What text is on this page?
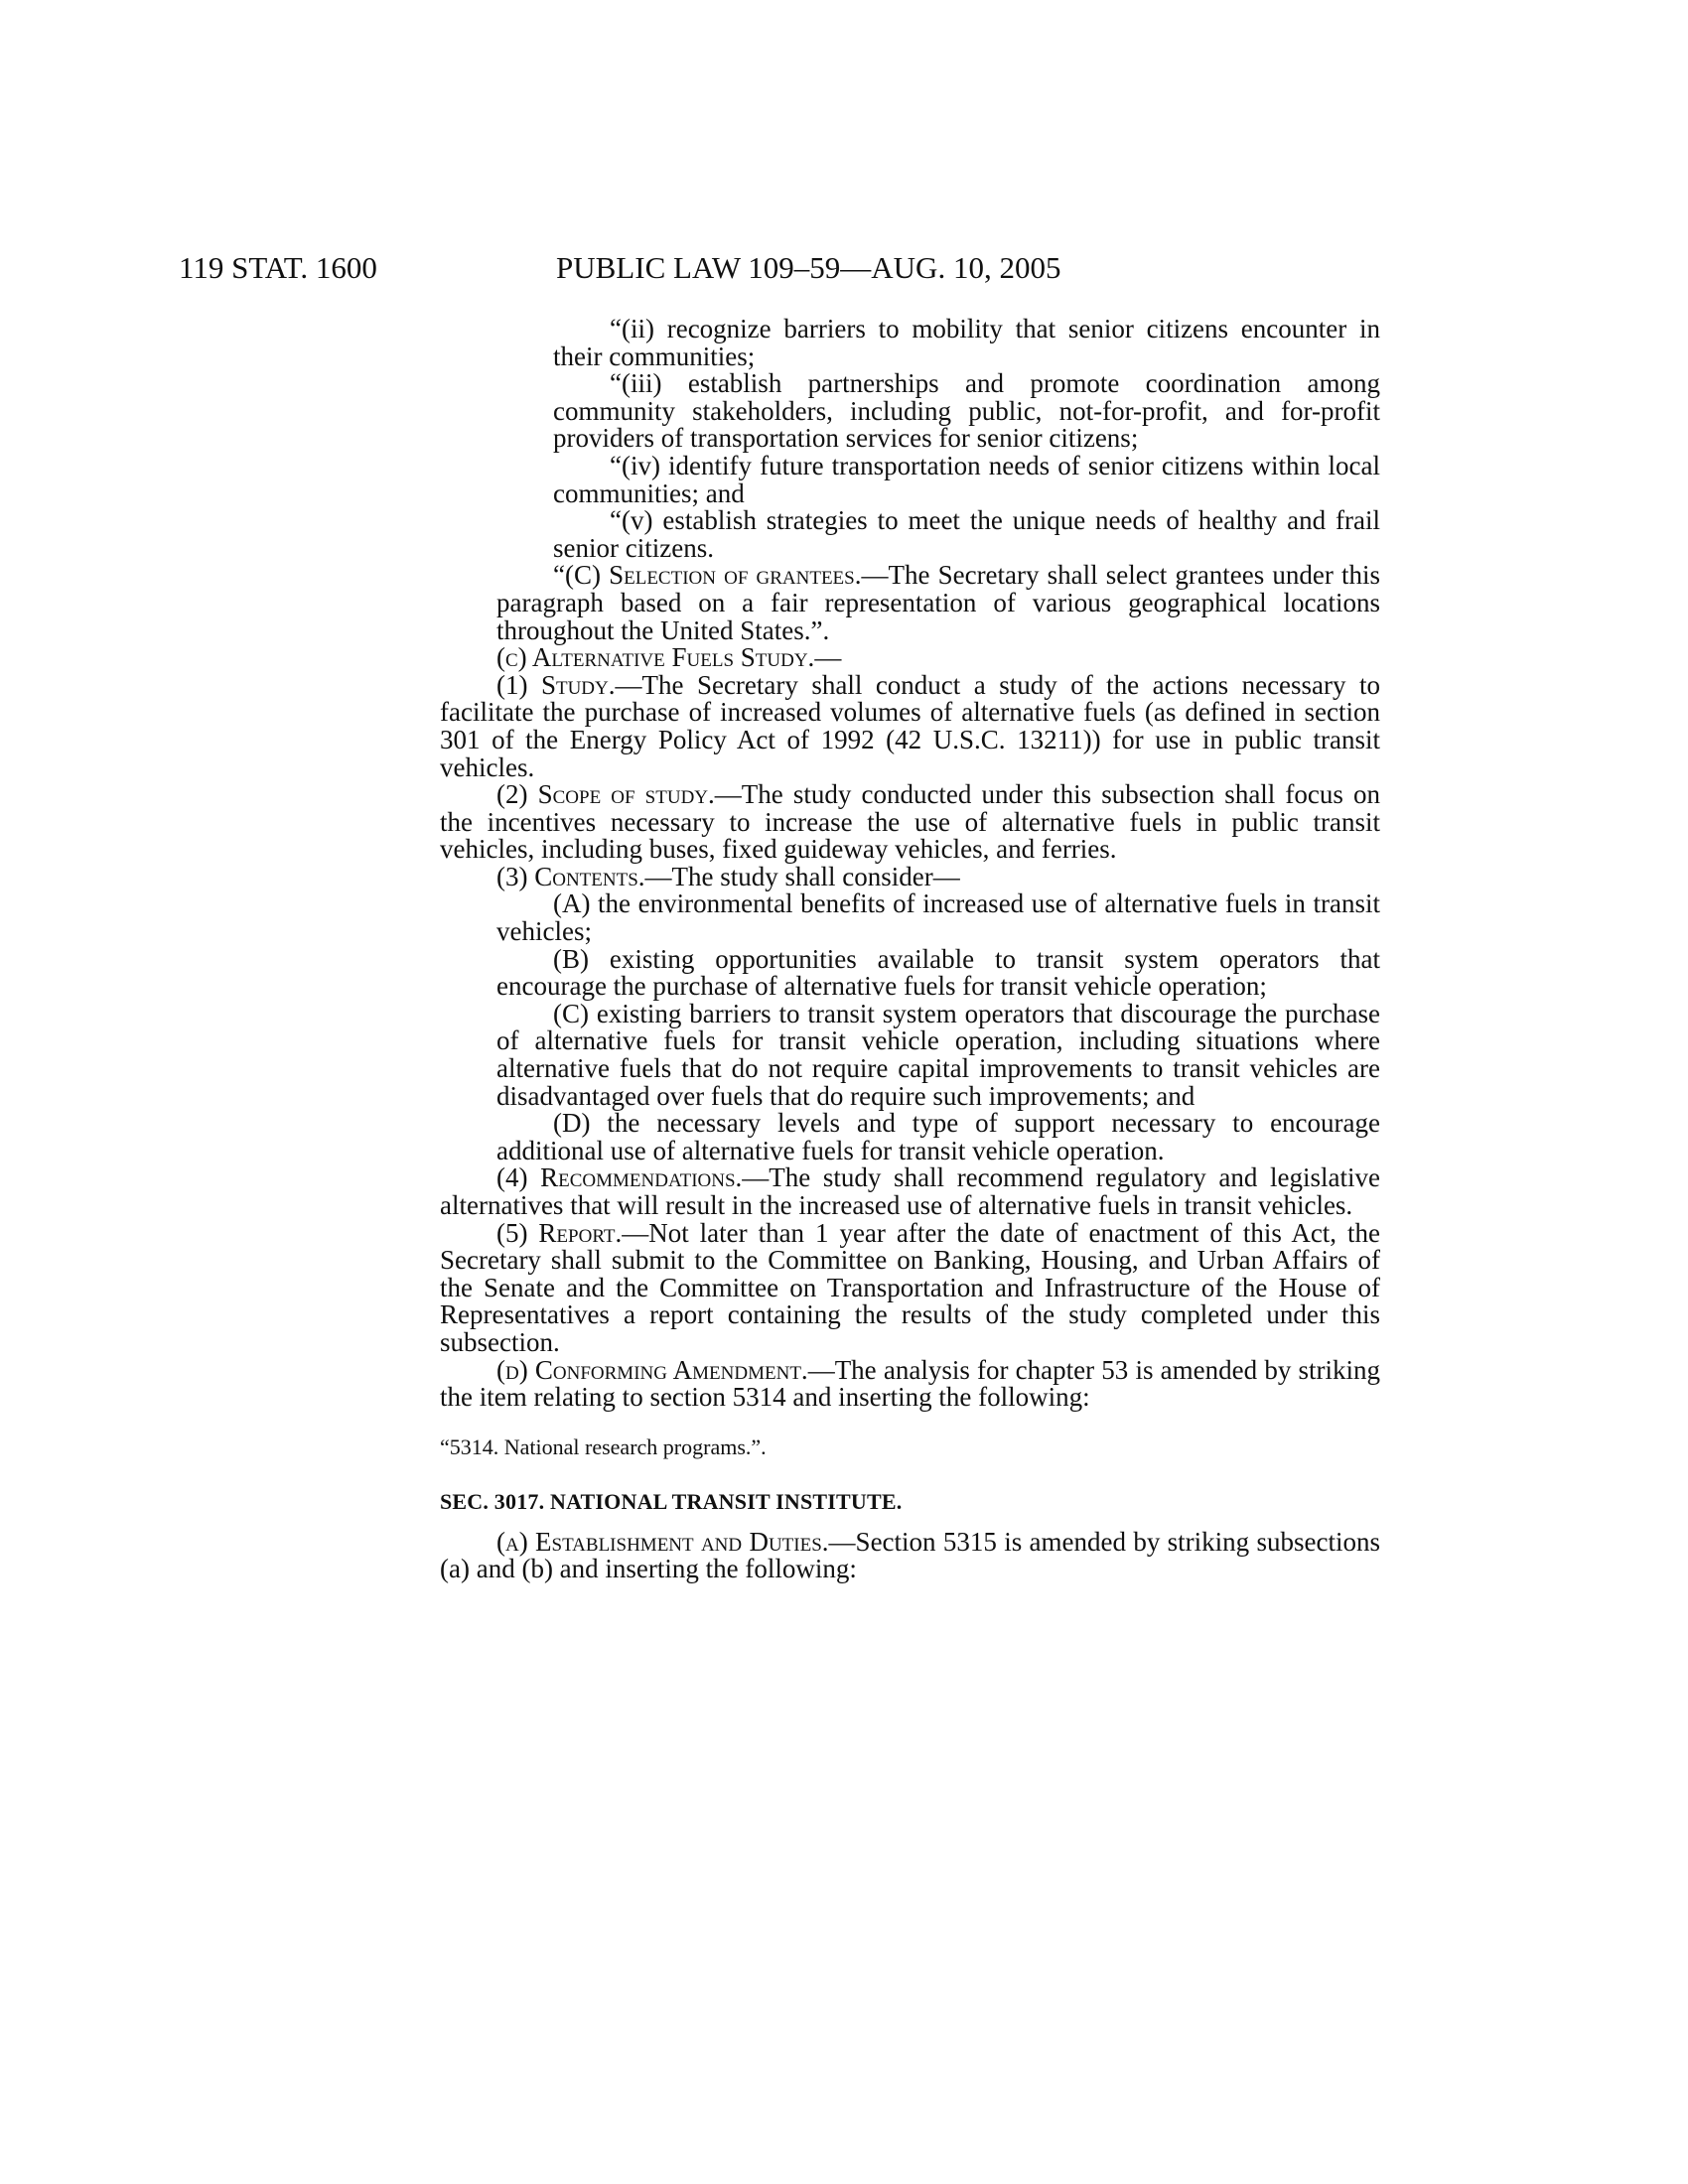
119 STAT. 1600	PUBLIC LAW 109–59—AUG. 10, 2005

“(ii) recognize barriers to mobility that senior citizens encounter in their communities;

“(iii) establish partnerships and promote coordination among community stakeholders, including public, not-for-profit, and for-profit providers of transportation services for senior citizens;

“(iv) identify future transportation needs of senior citizens within local communities; and

“(v) establish strategies to meet the unique needs of healthy and frail senior citizens.

“(C) Selection of grantees.—The Secretary shall select grantees under this paragraph based on a fair representation of various geographical locations throughout the United States.”.

(c) Alternative Fuels Study.—

(1) Study.—The Secretary shall conduct a study of the actions necessary to facilitate the purchase of increased volumes of alternative fuels (as defined in section 301 of the Energy Policy Act of 1992 (42 U.S.C. 13211)) for use in public transit vehicles.

(2) Scope of study.—The study conducted under this subsection shall focus on the incentives necessary to increase the use of alternative fuels in public transit vehicles, including buses, fixed guideway vehicles, and ferries.

(3) Contents.—The study shall consider—

(A) the environmental benefits of increased use of alternative fuels in transit vehicles;

(B) existing opportunities available to transit system operators that encourage the purchase of alternative fuels for transit vehicle operation;

(C) existing barriers to transit system operators that discourage the purchase of alternative fuels for transit vehicle operation, including situations where alternative fuels that do not require capital improvements to transit vehicles are disadvantaged over fuels that do require such improvements; and

(D) the necessary levels and type of support necessary to encourage additional use of alternative fuels for transit vehicle operation.

(4) Recommendations.—The study shall recommend regulatory and legislative alternatives that will result in the increased use of alternative fuels in transit vehicles.

(5) Report.—Not later than 1 year after the date of enactment of this Act, the Secretary shall submit to the Committee on Banking, Housing, and Urban Affairs of the Senate and the Committee on Transportation and Infrastructure of the House of Representatives a report containing the results of the study completed under this subsection.

(d) Conforming Amendment.—The analysis for chapter 53 is amended by striking the item relating to section 5314 and inserting the following:

“5314. National research programs.”.

SEC. 3017. NATIONAL TRANSIT INSTITUTE.

(a) Establishment and Duties.—Section 5315 is amended by striking subsections (a) and (b) and inserting the following:
